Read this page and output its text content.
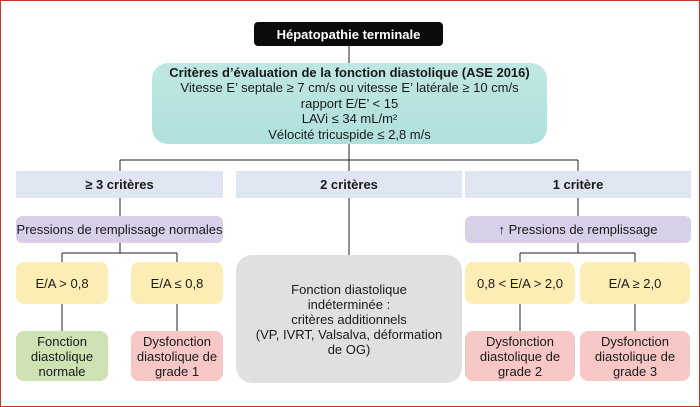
Hépatopathie terminale
Critères d’évaluation de la fonction diastolique (ASE 2016)
Vitesse E’ septale ≥ 7 cm/s ou vitesse E’ latérale ≥ 10 cm/s
rapport E/E’ < 15
LAVi ≤ 34 mL/m²
Vélocité tricuspide ≤ 2,8 m/s
≥ 3 critères
Pressions de remplissage normales
E/A > 0,8	E/A ≤ 0,8
Fonction
diastolique
normale
Dysfonction
diastolique de
grade 1
2 critères
Fonction diastolique
indéterminée :
critères additionnels
(VP, IVRT, Valsalva, déformation
de OG)
1 critère
↑ Pressions de remplissage
0,8 < E/A > 2,0	E/A ≥ 2,0
Dysfonction
diastolique de
grade 2
Dysfonction
diastolique de
grade 3
